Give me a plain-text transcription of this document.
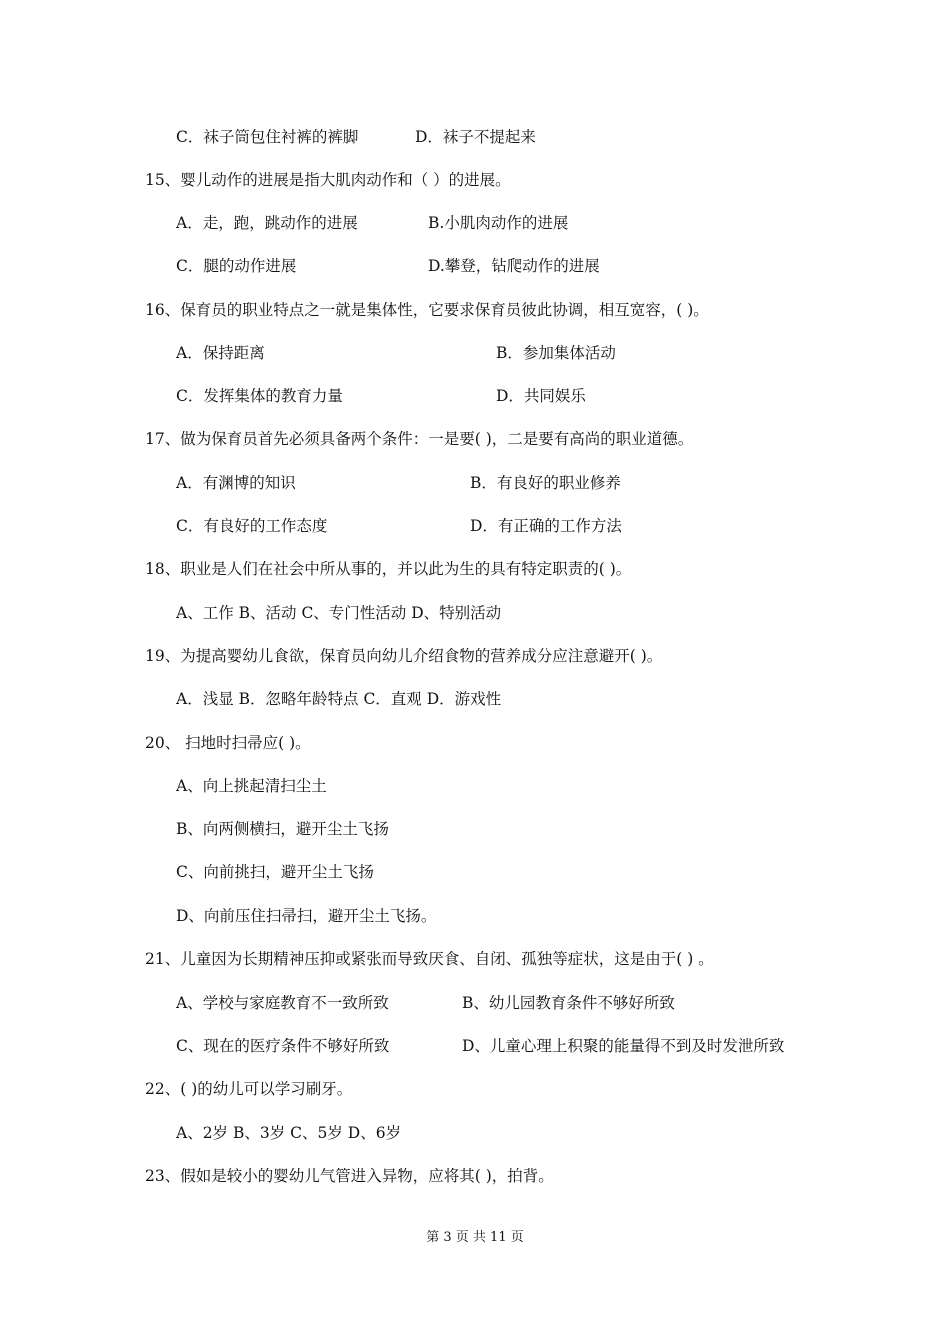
C．袜子筒包住衬裤的裤脚	D．袜子不提起来
15、婴儿动作的进展是指大肌肉动作和（ ）的进展。
A．走，跑，跳动作的进展	B.小肌肉动作的进展
C．腿的动作进展	D.攀登，钻爬动作的进展
16、保育员的职业特点之一就是集体性，它要求保育员彼此协调，相互宽容，( )。
A．保持距离	B．参加集体活动
C．发挥集体的教育力量	D．共同娱乐
17、做为保育员首先必须具备两个条件：一是要( )，二是要有高尚的职业道德。
A．有渊博的知识	B．有良好的职业修养
C．有良好的工作态度	D．有正确的工作方法
18、职业是人们在社会中所从事的，并以此为生的具有特定职责的( )。
A、工作 B、活动 C、专门性活动 D、特别活动
19、为提高婴幼儿食欲，保育员向幼儿介绍食物的营养成分应注意避开( )。
A．浅显 B．忽略年龄特点 C．直观 D．游戏性
20、 扫地时扫帚应( )。
A、向上挑起清扫尘土
B、向两侧横扫，避开尘土飞扬
C、向前挑扫，避开尘土飞扬
D、向前压住扫帚扫，避开尘土飞扬。
21、儿童因为长期精神压抑或紧张而导致厌食、自闭、孤独等症状，这是由于( ) 。
A、学校与家庭教育不一致所致	B、幼儿园教育条件不够好所致
C、现在的医疗条件不够好所致	D、儿童心理上积聚的能量得不到及时发泄所致
22、( )的幼儿可以学习刷牙。
A、2岁 B、3岁 C、5岁 D、6岁
23、假如是较小的婴幼儿气管进入异物，应将其( )，拍背。
第 3 页 共 11 页
